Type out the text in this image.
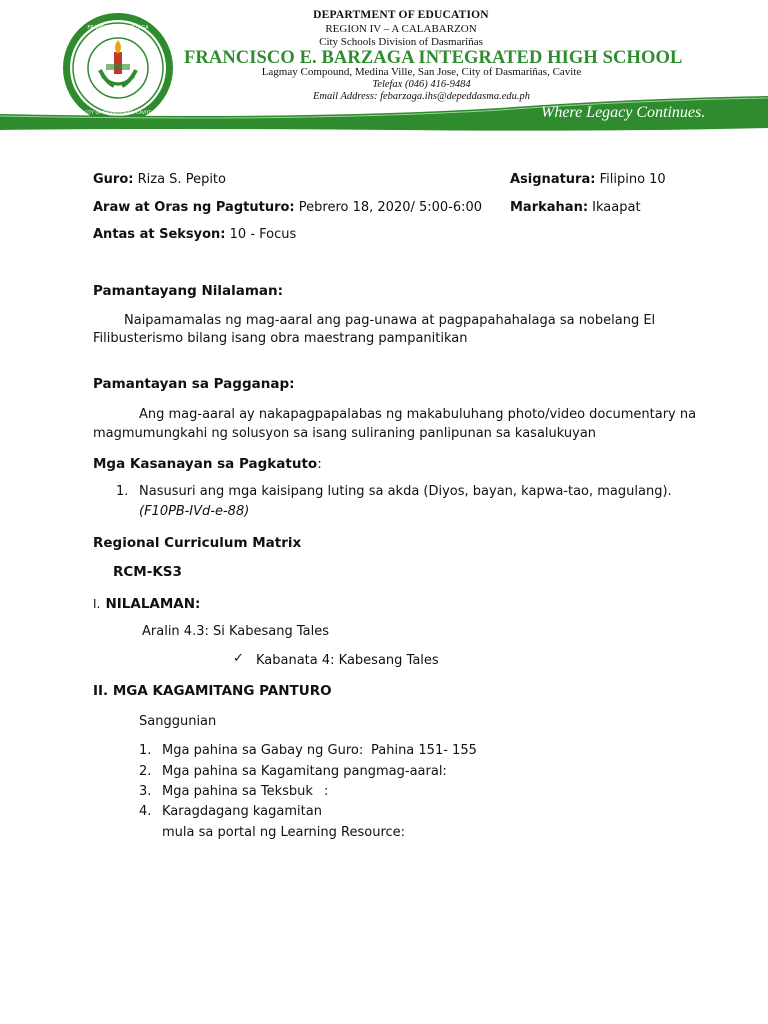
FRANCISCO E. BARZAGA
CITY OF DASMARIÑAS, CAVITE
DEPARTMENT OF EDUCATION
REGION IV – A CALABARZON
City Schools Division of Dasmariñas
FRANCISCO E. BARZAGA INTEGRATED HIGH SCHOOL
Lagmay Compound, Medina Ville, San Jose, City of Dasmariñas, Cavite
Telefax (046) 416-9484
Email Address: febarzaga.ihs@depeddasma.edu.ph
Where Legacy Continues.
Guro: Riza S. Pepito
Araw at Oras ng Pagtuturo: Pebrero 18, 2020/ 5:00-6:00
Antas at Seksyon: 10 - Focus
Asignatura: Filipino 10
Markahan: Ikaapat
Pamantayang Nilalaman:
Naipamamalas ng mag-aaral ang pag-unawa at pagpapahahalaga sa nobelang El
Filibusterismo bilang isang obra maestrang pampanitikan
Pamantayan sa Pagganap:
Ang mag-aaral ay nakapagpapalabas ng makabuluhang photo/video documentary na
magmumungkahi ng solusyon sa isang suliraning panlipunan sa kasalukuyan
Mga Kasanayan sa Pagkatuto:
1. Nasusuri ang mga kaisipang luting sa akda (Diyos, bayan, kapwa-tao, magulang).
(F10PB-IVd-e-88)
Regional Curriculum Matrix
RCM-KS3
I. NILALAMAN:
Aralin 4.3: Si Kabesang Tales
✓ Kabanata 4: Kabesang Tales
II. MGA KAGAMITANG PANTURO
Sanggunian
1. Mga pahina sa Gabay ng Guro: Pahina 151- 155
2. Mga pahina sa Kagamitang pangmag-aaral:
3. Mga pahina sa Teksbuk :
4. Karagdagang kagamitan
mula sa portal ng Learning Resource:
